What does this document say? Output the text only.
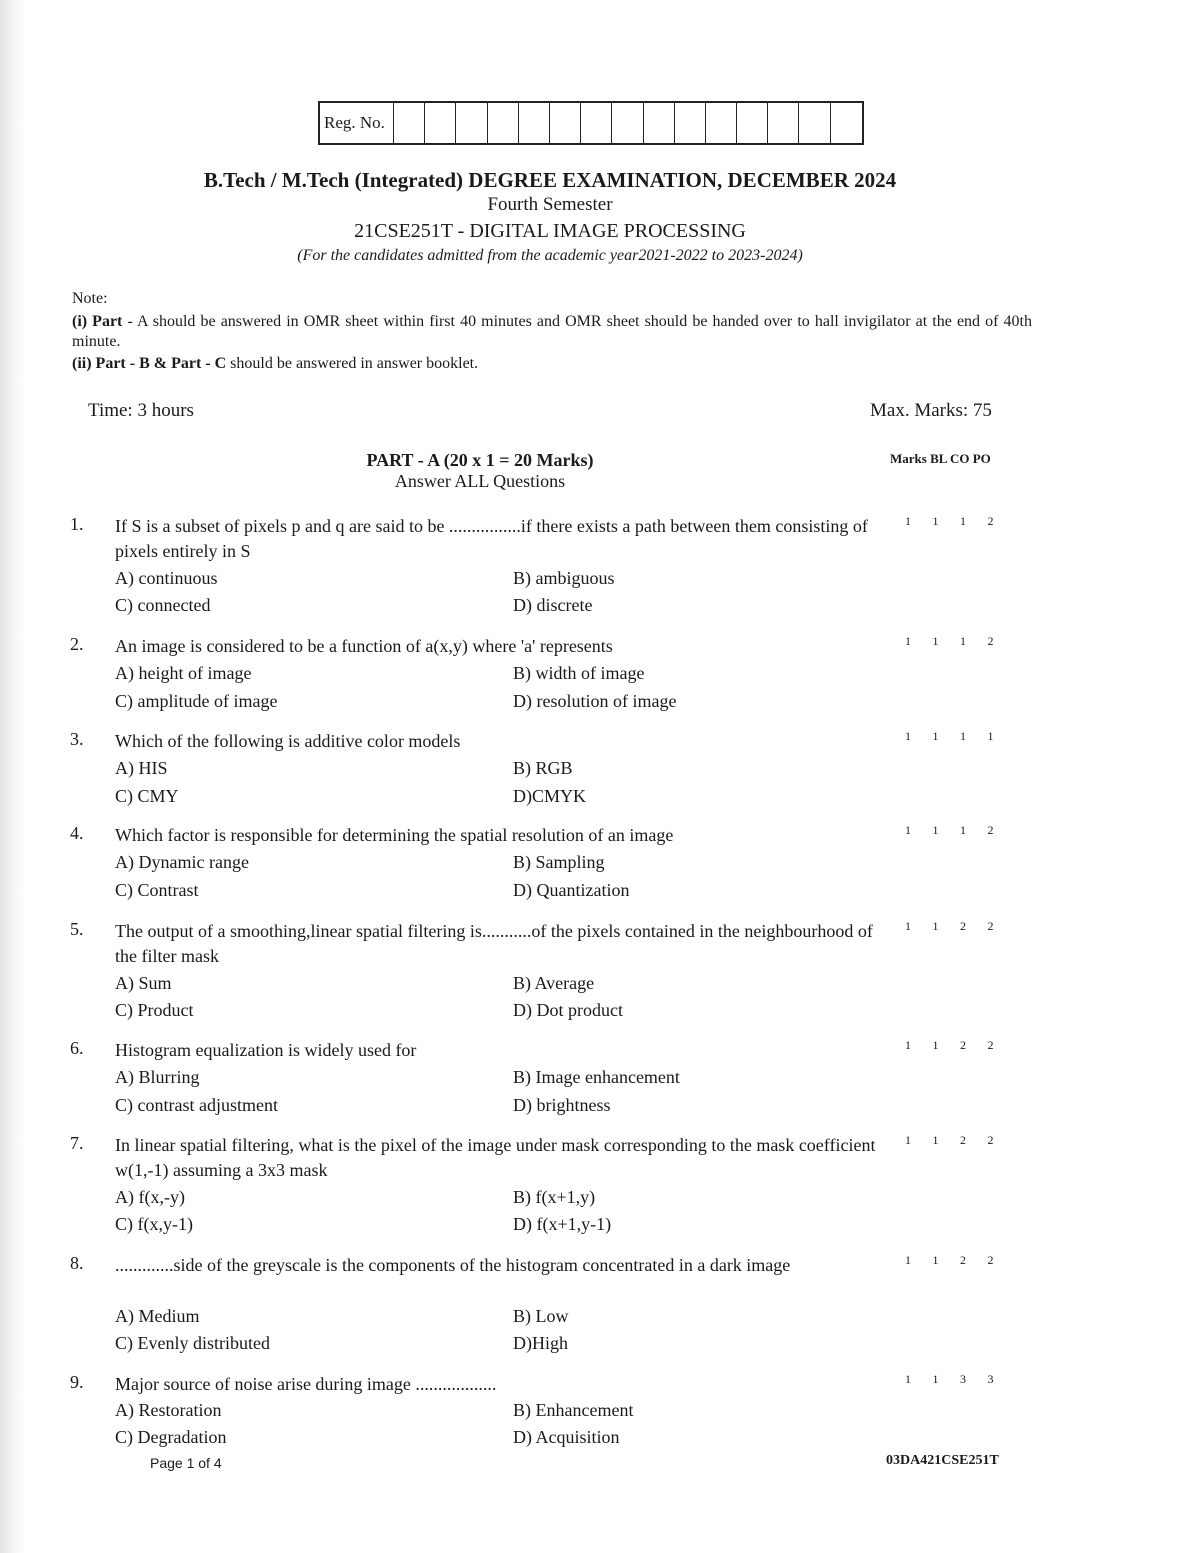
Reg. No.
B.Tech / M.Tech (Integrated) DEGREE EXAMINATION, DECEMBER 2024
Fourth Semester
21CSE251T - DIGITAL IMAGE PROCESSING
(For the candidates admitted from the academic year2021-2022 to 2023-2024)
Note:
(i) Part - A should be answered in OMR sheet within first 40 minutes and OMR sheet should be handed over to hall invigilator at the end of 40th minute.
(ii) Part - B & Part - C should be answered in answer booklet.
Time: 3 hours	Max. Marks: 75
PART - A (20 x 1 = 20 Marks)
Answer ALL Questions
Marks BL CO PO
1.	If S is a subset of pixels p and q are said to be ................if there exists a path between them consisting of pixels entirely in S
1	1	1	2
A) continuous	B) ambiguous
C) connected	D) discrete
2.	An image is considered to be a function of a(x,y) where 'a' represents	1	1	1	2
A) height of image	B) width of image
C) amplitude of image	D) resolution of image
3.	Which of the following is additive color models	1	1	1	1
A) HIS	B) RGB
C) CMY	D)CMYK
4.	Which factor is responsible for determining the spatial resolution of an image	1	1	1	2
A) Dynamic range	B) Sampling
C) Contrast	D) Quantization
5.	The output of a smoothing,linear spatial filtering is...........of the pixels contained in the neighbourhood of the filter mask
1	1	2	2
A) Sum	B) Average
C) Product	D) Dot product
6.	Histogram equalization is widely used for	1	1	2	2
A) Blurring	B) Image enhancement
C) contrast adjustment	D) brightness
7.	In linear spatial filtering, what is the pixel of the image under mask corresponding to the mask coefficient w(1,-1) assuming a 3x3 mask
1	1	2	2
A) f(x,-y)	B) f(x+1,y)
C) f(x,y-1)	D) f(x+1,y-1)
8.	.............side of the greyscale is the components of the histogram concentrated in a dark image	1	1	2	2
A) Medium	B) Low
C) Evenly distributed	D)High
9.	Major source of noise arise during image ..................	1	1	3	3
A) Restoration	B) Enhancement
C) Degradation	D) Acquisition
Page 1 of 4	03DA421CSE251T
